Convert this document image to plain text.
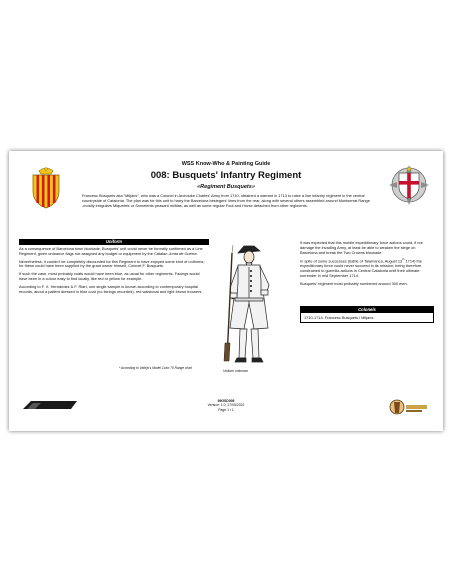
WSS Know-Who & Painting Guide
008: Busquets' Infantry Regiment
«Regiment Busquets»
Francesc Busquets aka “Mitjans”, who was a Colonel in Archduke Charles' Army from 1710, obtained a warrant in 1713 to raise a line infantry regiment in the central countryside of Catalonia. The plan was for this unit to harry the Barcelona besiegers' lines from the rear, along with several others assembled around Montserrat Range -mostly irregulars Miquelets or Sometents peasant militias, as well as some regular Foot and Horse detached from other regiments.
Uniform

As a consequence of Barcelona town blockade, Busquets' unit could never be formally confirmed as a Line Regiment, given ordnance flags nor assigned any budget or equipment by the Catalan Junta de Guerra.

Nevertheless, it couldn't be completely discounted for this Regiment to have enjoyed some kind of uniforms; for these could have been supplied by the grant owner himself, Colonel F. Busquets.

If such the case, most probably coats would have been blue, as usual for other regiments. Facings would have been in a colour easy to find locally, like red or yellow for example.

According to F. X. Hernández & F. Riart, one single sample is known according to contemporary hospital records, about a patient dressed in blue coat (no facings recorded), red waistcoat and light brown trousers.

* According to Vallejo's Model Color 70 Range chart
Uniform unknown

It was expected that this mobile expeditionary force actions could, if not damage the invading Army, at least be able to weaken the siege on Barcelona and break the Two Crowns blockade.

In spite of some successes (battle of Talamanca, August 13th 1714) the expeditionary force could never succeed in its mission; being therefore constrained to guerrilla actions in Central Catalonia until their ultimate surrender in mid September 1714.

Busquets' regiment most probably numbered around 300 men.

Colonels
1710-1714: Francesc Busquets i Mitjans
99GSD008
Version: 1.0, 27/05/2022
Page 1 / 1
